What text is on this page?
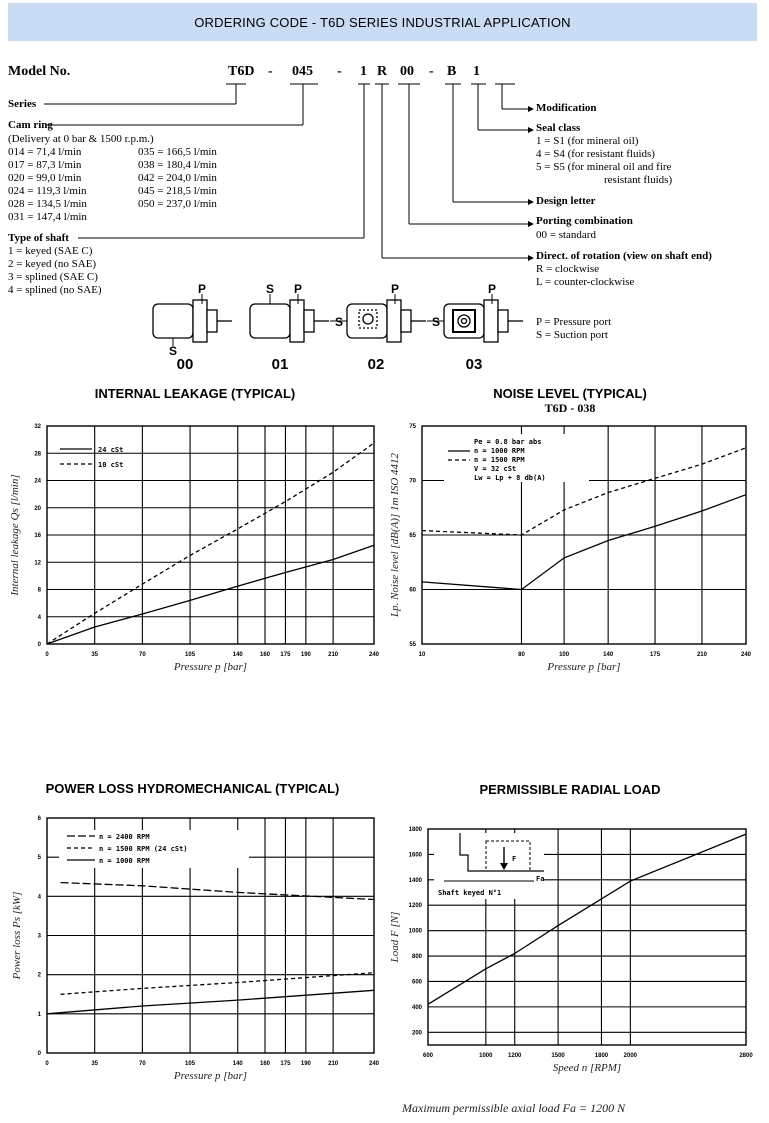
ORDERING CODE - T6D SERIES INDUSTRIAL APPLICATION
Model No.	T6D - 045 - 1 R 00 - B 1
Series
Cam ring
(Delivery at 0 bar & 1500 r.p.m.)
014 = 71,4 l/min
017 = 87,3 l/min
020 = 99,0 l/min
024 = 119,3 l/min
028 = 134,5 l/min
031 = 147,4 l/min
035 = 166,5 l/min
038 = 180,4 l/min
042 = 204,0 l/min
045 = 218,5 l/min
050 = 237,0 l/min
Type of shaft
1 = keyed (SAE C)
2 = keyed (no SAE)
3 = splined (SAE C)
4 = splined (no SAE)
Modification
Seal class
1 = S1 (for mineral oil)
4 = S4 (for resistant fluids)
5 = S5 (for mineral oil and fire
resistant fluids)
Design letter
Porting combination
00 = standard
Direct. of rotation (view on shaft end)
R = clockwise
L = counter-clockwise
P
S
S P	P
S
P
S
00	01	02	03
P = Pressure port
S = Suction port
INTERNAL LEAKAGE (TYPICAL)	NOISE LEVEL (TYPICAL)
T6D - 038
POWER LOSS HYDROMECHANICAL (TYPICAL)	PERMISSIBLE RADIAL LOAD
Maximum permissible axial load Fa = 1200 N
0	35	70	105	140	160 175 190	210	240
0
4
8
12
16
20
24
28
32
Pressure p [bar]
Internal leakage Qs [l/min]
24 cSt
10 cSt
10	80	100	140	175	210	240
55
60
65
70
75
Pressure p [bar]
Lp. Noise level [dB(A)] 1m ISO 4412
Pe = 0.8 bar abs
n = 1000 RPM
n = 1500 RPM
V = 32 cSt
Lw = Lp + 8 db(A)
0	35	70	105	140	160 175 190	210	240
0
1
2
3
4
5
6
Pressure p [bar]
Power loss Ps [kW]
n = 2400 RPM
n = 1500 RPM (24 cSt)
n = 1000 RPM
600	1000	1200	1500	1800	2000	2800
200
400
600
800
1000
1200
1400
1600
1800
Speed n [RPM]
Load F [N]
F
Fa
Shaft keyed N°1
